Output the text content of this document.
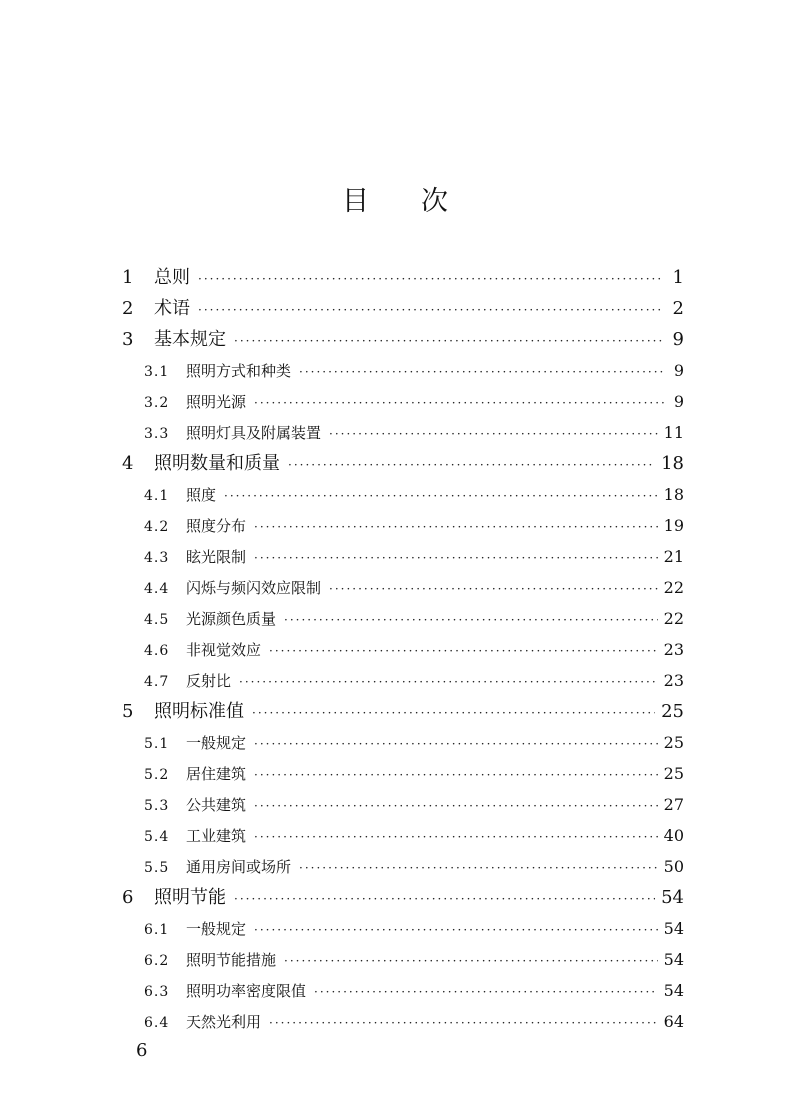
目 次
1	总则 ·····	1
2	术语 ·····	2
3	基本规定 ·····	9
3.1	照明方式和种类 ·····	9
3.2	照明光源 ·····	9
3.3	照明灯具及附属装置 ·····	11
4	照明数量和质量 ·····	18
4.1	照度 ·····	18
4.2	照度分布 ·····	19
4.3	眩光限制 ·····	21
4.4	闪烁与频闪效应限制 ·····	22
4.5	光源颜色质量 ·····	22
4.6	非视觉效应 ·····	23
4.7	反射比 ·····	23
5	照明标准值 ·····	25
5.1	一般规定 ·····	25
5.2	居住建筑 ·····	25
5.3	公共建筑 ·····	27
5.4	工业建筑 ·····	40
5.5	通用房间或场所 ·····	50
6	照明节能 ·····	54
6.1	一般规定 ·····	54
6.2	照明节能措施 ·····	54
6.3	照明功率密度限值 ·····	54
6.4	天然光利用 ·····	64
6
